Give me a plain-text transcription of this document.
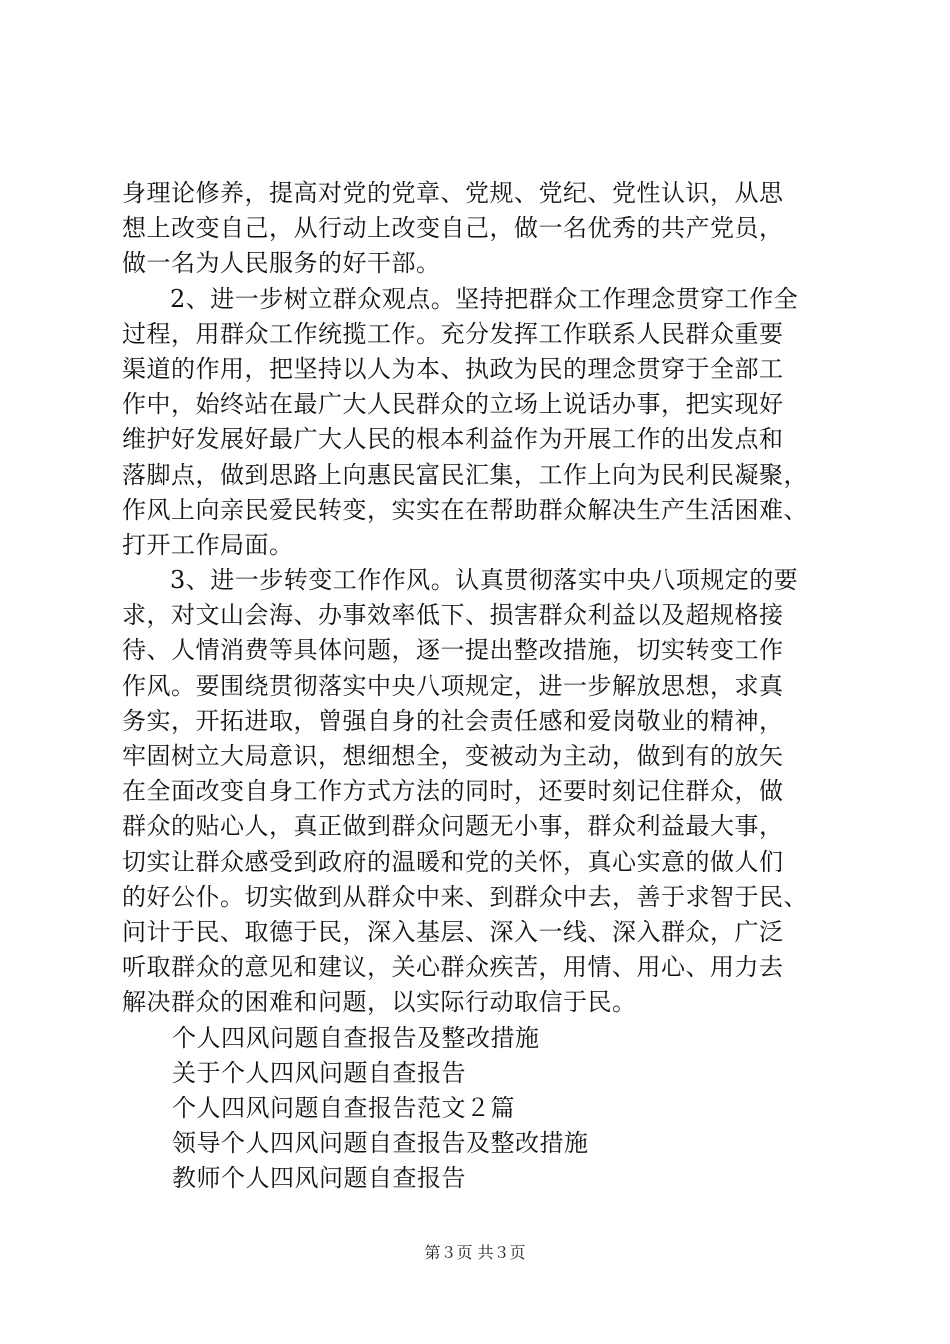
身理论修养，提高对党的党章、党规、党纪、党性认识，从思
想上改变自己，从行动上改变自己，做一名优秀的共产党员，
做一名为人民服务的好干部。
2、进一步树立群众观点。坚持把群众工作理念贯穿工作全
过程，用群众工作统揽工作。充分发挥工作联系人民群众重要
渠道的作用，把坚持以人为本、执政为民的理念贯穿于全部工
作中，始终站在最广大人民群众的立场上说话办事，把实现好
维护好发展好最广大人民的根本利益作为开展工作的出发点和
落脚点，做到思路上向惠民富民汇集，工作上向为民利民凝聚，
作风上向亲民爱民转变，实实在在帮助群众解决生产生活困难、
打开工作局面。
3、进一步转变工作作风。认真贯彻落实中央八项规定的要
求，对文山会海、办事效率低下、损害群众利益以及超规格接
待、人情消费等具体问题，逐一提出整改措施，切实转变工作
作风。要围绕贯彻落实中央八项规定，进一步解放思想，求真
务实，开拓进取，曾强自身的社会责任感和爱岗敬业的精神，
牢固树立大局意识，想细想全，变被动为主动，做到有的放矢
在全面改变自身工作方式方法的同时，还要时刻记住群众，做
群众的贴心人，真正做到群众问题无小事，群众利益最大事，
切实让群众感受到政府的温暖和党的关怀，真心实意的做人们
的好公仆。切实做到从群众中来、到群众中去，善于求智于民、
问计于民、取德于民，深入基层、深入一线、深入群众，广泛
听取群众的意见和建议，关心群众疾苦，用情、用心、用力去
解决群众的困难和问题，以实际行动取信于民。
个人四风问题自查报告及整改措施
关于个人四风问题自查报告
个人四风问题自查报告范文２篇
领导个人四风问题自查报告及整改措施
教师个人四风问题自查报告
第３页 共３页
